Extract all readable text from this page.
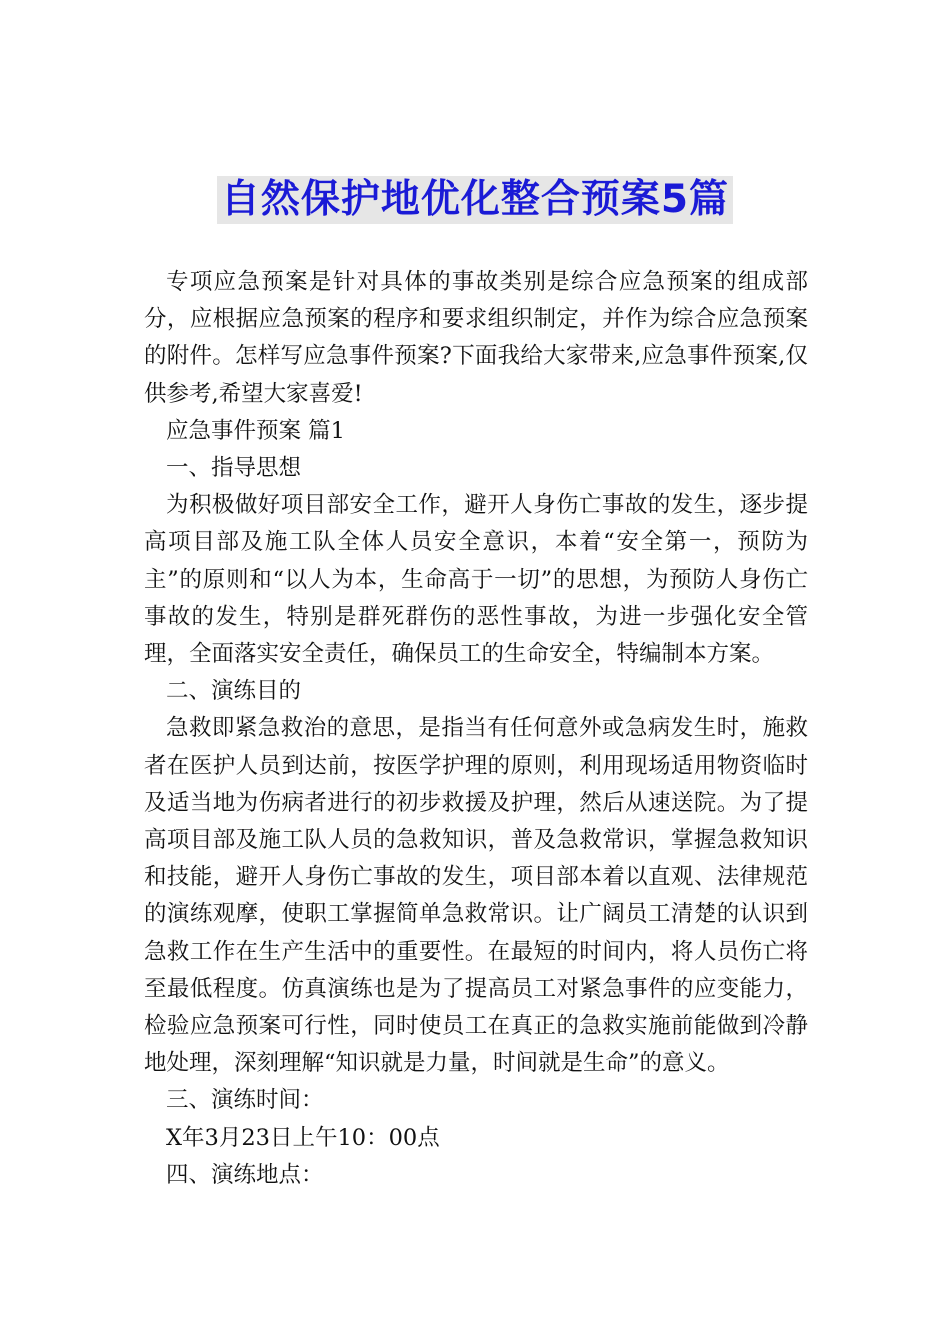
自然保护地优化整合预案5篇

专项应急预案是针对具体的事故类别是综合应急预案的组成部分，应根据应急预案的程序和要求组织制定，并作为综合应急预案的附件。怎样写应急事件预案?下面我给大家带来,应急事件预案,仅供参考,希望大家喜爱!

应急事件预案 篇1

一、指导思想

为积极做好项目部安全工作，避开人身伤亡事故的发生，逐步提高项目部及施工队全体人员安全意识，本着“安全第一，预防为主”的原则和“以人为本，生命高于一切”的思想，为预防人身伤亡事故的发生，特别是群死群伤的恶性事故，为进一步强化安全管理，全面落实安全责任，确保员工的生命安全，特编制本方案。

二、演练目的

急救即紧急救治的意思，是指当有任何意外或急病发生时，施救者在医护人员到达前，按医学护理的原则，利用现场适用物资临时及适当地为伤病者进行的初步救援及护理，然后从速送院。为了提高项目部及施工队人员的急救知识，普及急救常识，掌握急救知识和技能，避开人身伤亡事故的发生，项目部本着以直观、法律规范的演练观摩，使职工掌握简单急救常识。让广阔员工清楚的认识到急救工作在生产生活中的重要性。在最短的时间内，将人员伤亡将至最低程度。仿真演练也是为了提高员工对紧急事件的应变能力，检验应急预案可行性，同时使员工在真正的急救实施前能做到冷静地处理，深刻理解“知识就是力量，时间就是生命”的意义。

三、演练时间：

X年3月23日上午10：00点

四、演练地点：
